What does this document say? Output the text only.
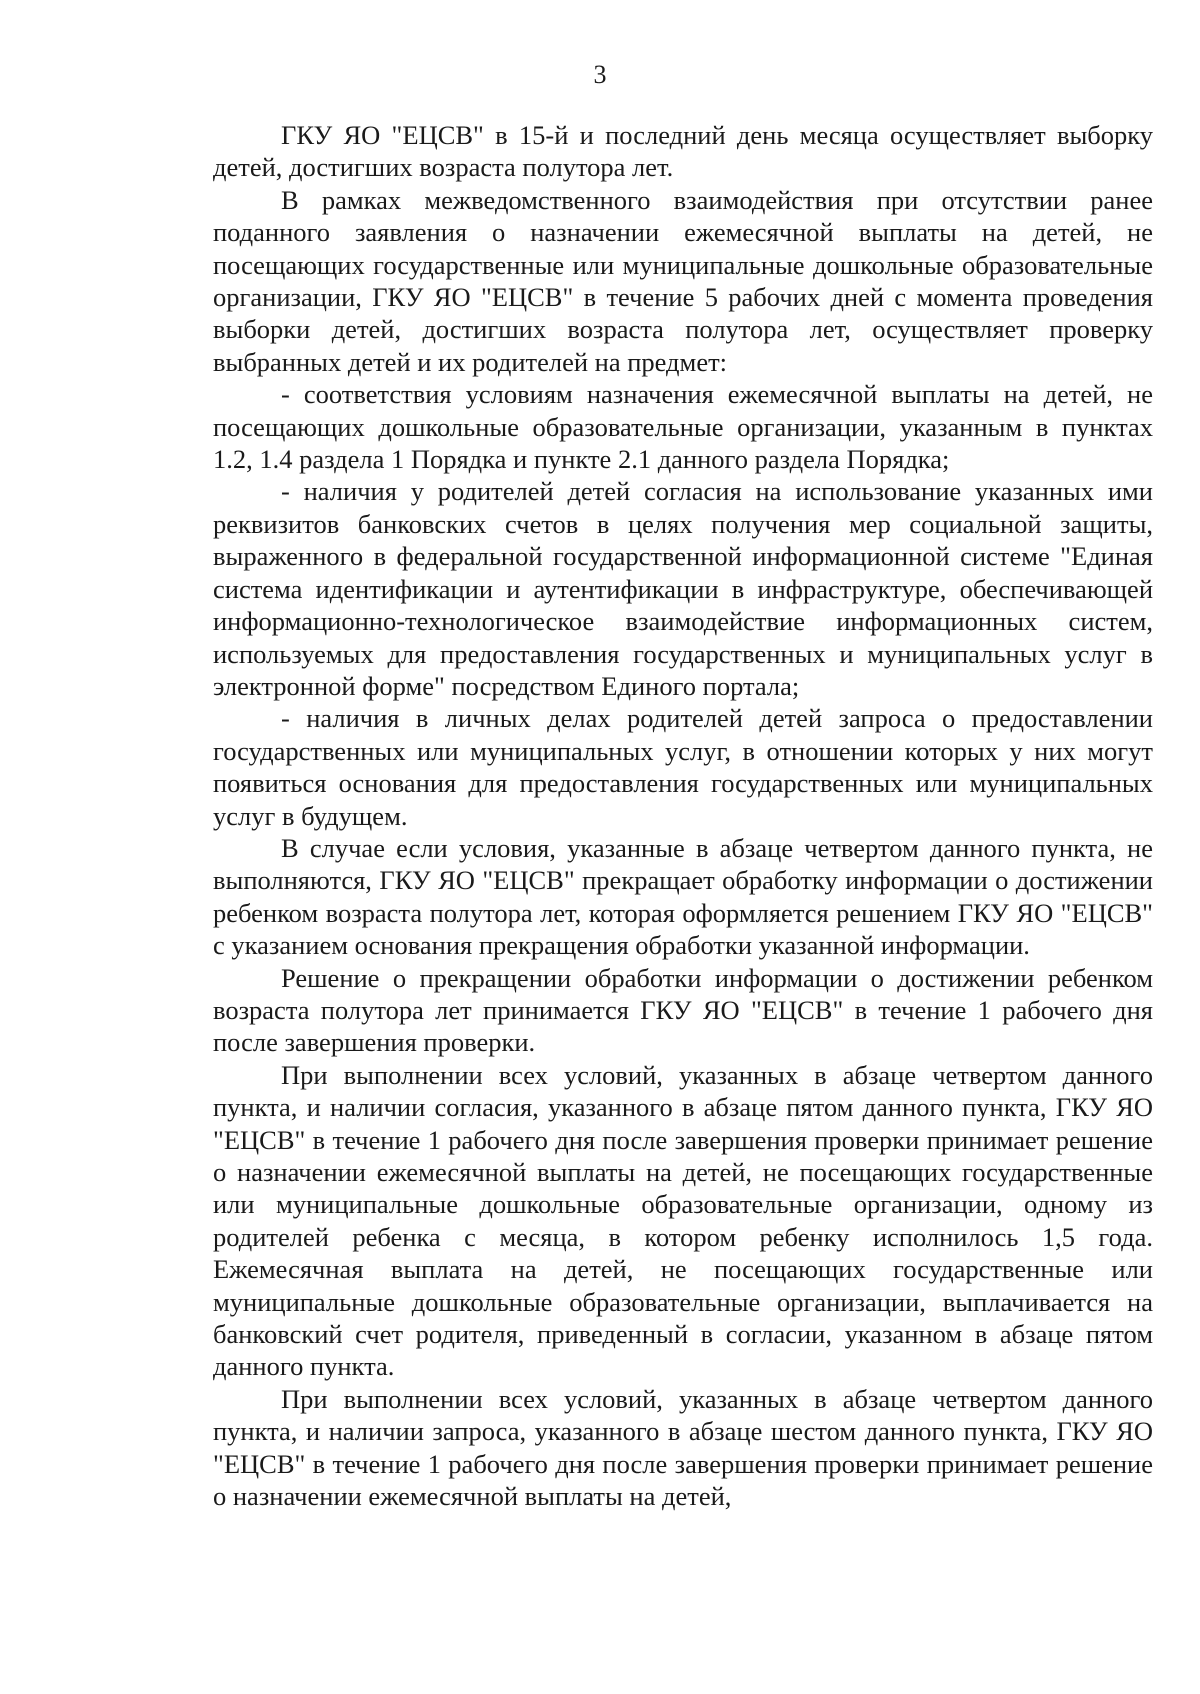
3

ГКУ ЯО "ЕЦСВ" в 15-й и последний день месяца осуществляет выборку детей, достигших возраста полутора лет.

В рамках межведомственного взаимодействия при отсутствии ранее поданного заявления о назначении ежемесячной выплаты на детей, не посещающих государственные или муниципальные дошкольные образовательные организации, ГКУ ЯО "ЕЦСВ" в течение 5 рабочих дней с момента проведения выборки детей, достигших возраста полутора лет, осуществляет проверку выбранных детей и их родителей на предмет:

- соответствия условиям назначения ежемесячной выплаты на детей, не посещающих дошкольные образовательные организации, указанным в пунктах 1.2, 1.4 раздела 1 Порядка и пункте 2.1 данного раздела Порядка;

- наличия у родителей детей согласия на использование указанных ими реквизитов банковских счетов в целях получения мер социальной защиты, выраженного в федеральной государственной информационной системе "Единая система идентификации и аутентификации в инфраструктуре, обеспечивающей информационно-технологическое взаимодействие информационных систем, используемых для предоставления государственных и муниципальных услуг в электронной форме" посредством Единого портала;

- наличия в личных делах родителей детей запроса о предоставлении государственных или муниципальных услуг, в отношении которых у них могут появиться основания для предоставления государственных или муниципальных услуг в будущем.

В случае если условия, указанные в абзаце четвертом данного пункта, не выполняются, ГКУ ЯО "ЕЦСВ" прекращает обработку информации о достижении ребенком возраста полутора лет, которая оформляется решением ГКУ ЯО "ЕЦСВ" с указанием основания прекращения обработки указанной информации.

Решение о прекращении обработки информации о достижении ребенком возраста полутора лет принимается ГКУ ЯО "ЕЦСВ" в течение 1 рабочего дня после завершения проверки.

При выполнении всех условий, указанных в абзаце четвертом данного пункта, и наличии согласия, указанного в абзаце пятом данного пункта, ГКУ ЯО "ЕЦСВ" в течение 1 рабочего дня после завершения проверки принимает решение о назначении ежемесячной выплаты на детей, не посещающих государственные или муниципальные дошкольные образовательные организации, одному из родителей ребенка с месяца, в котором ребенку исполнилось 1,5 года. Ежемесячная выплата на детей, не посещающих государственные или муниципальные дошкольные образовательные организации, выплачивается на банковский счет родителя, приведенный в согласии, указанном в абзаце пятом данного пункта.

При выполнении всех условий, указанных в абзаце четвертом данного пункта, и наличии запроса, указанного в абзаце шестом данного пункта, ГКУ ЯО "ЕЦСВ" в течение 1 рабочего дня после завершения проверки принимает решение о назначении ежемесячной выплаты на детей,
